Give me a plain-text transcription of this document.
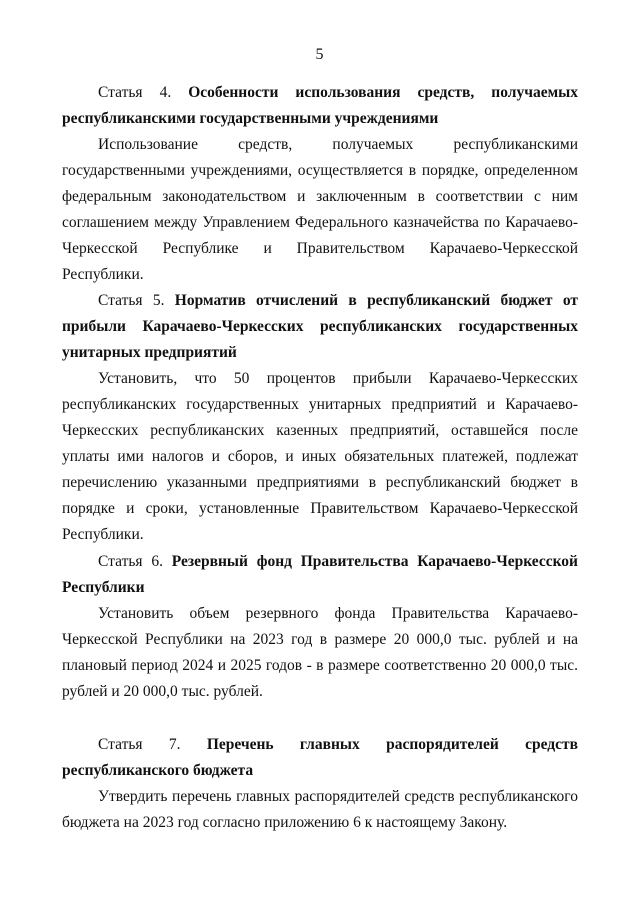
5

Статья 4. Особенности использования средств, получаемых республиканскими государственными учреждениями

Использование средств, получаемых республиканскими государственными учреждениями, осуществляется в порядке, определенном федеральным законодательством и заключенным в соответствии с ним соглашением между Управлением Федерального казначейства по Карачаево-Черкесской Республике и Правительством Карачаево-Черкесской Республики.

Статья 5. Норматив отчислений в республиканский бюджет от прибыли Карачаево-Черкесских республиканских государственных унитарных предприятий

Установить, что 50 процентов прибыли Карачаево-Черкесских республиканских государственных унитарных предприятий и Карачаево-Черкесских республиканских казенных предприятий, оставшейся после уплаты ими налогов и сборов, и иных обязательных платежей, подлежат перечислению указанными предприятиями в республиканский бюджет в порядке и сроки, установленные Правительством Карачаево-Черкесской Республики.

Статья 6. Резервный фонд Правительства Карачаево-Черкесской Республики

Установить объем резервного фонда Правительства Карачаево-Черкесской Республики на 2023 год в размере 20 000,0 тыс. рублей и на плановый период 2024 и 2025 годов - в размере соответственно 20 000,0 тыс. рублей и 20 000,0 тыс. рублей.

Статья 7. Перечень главных распорядителей средств республиканского бюджета

Утвердить перечень главных распорядителей средств республиканского бюджета на 2023 год согласно приложению 6 к настоящему Закону.
